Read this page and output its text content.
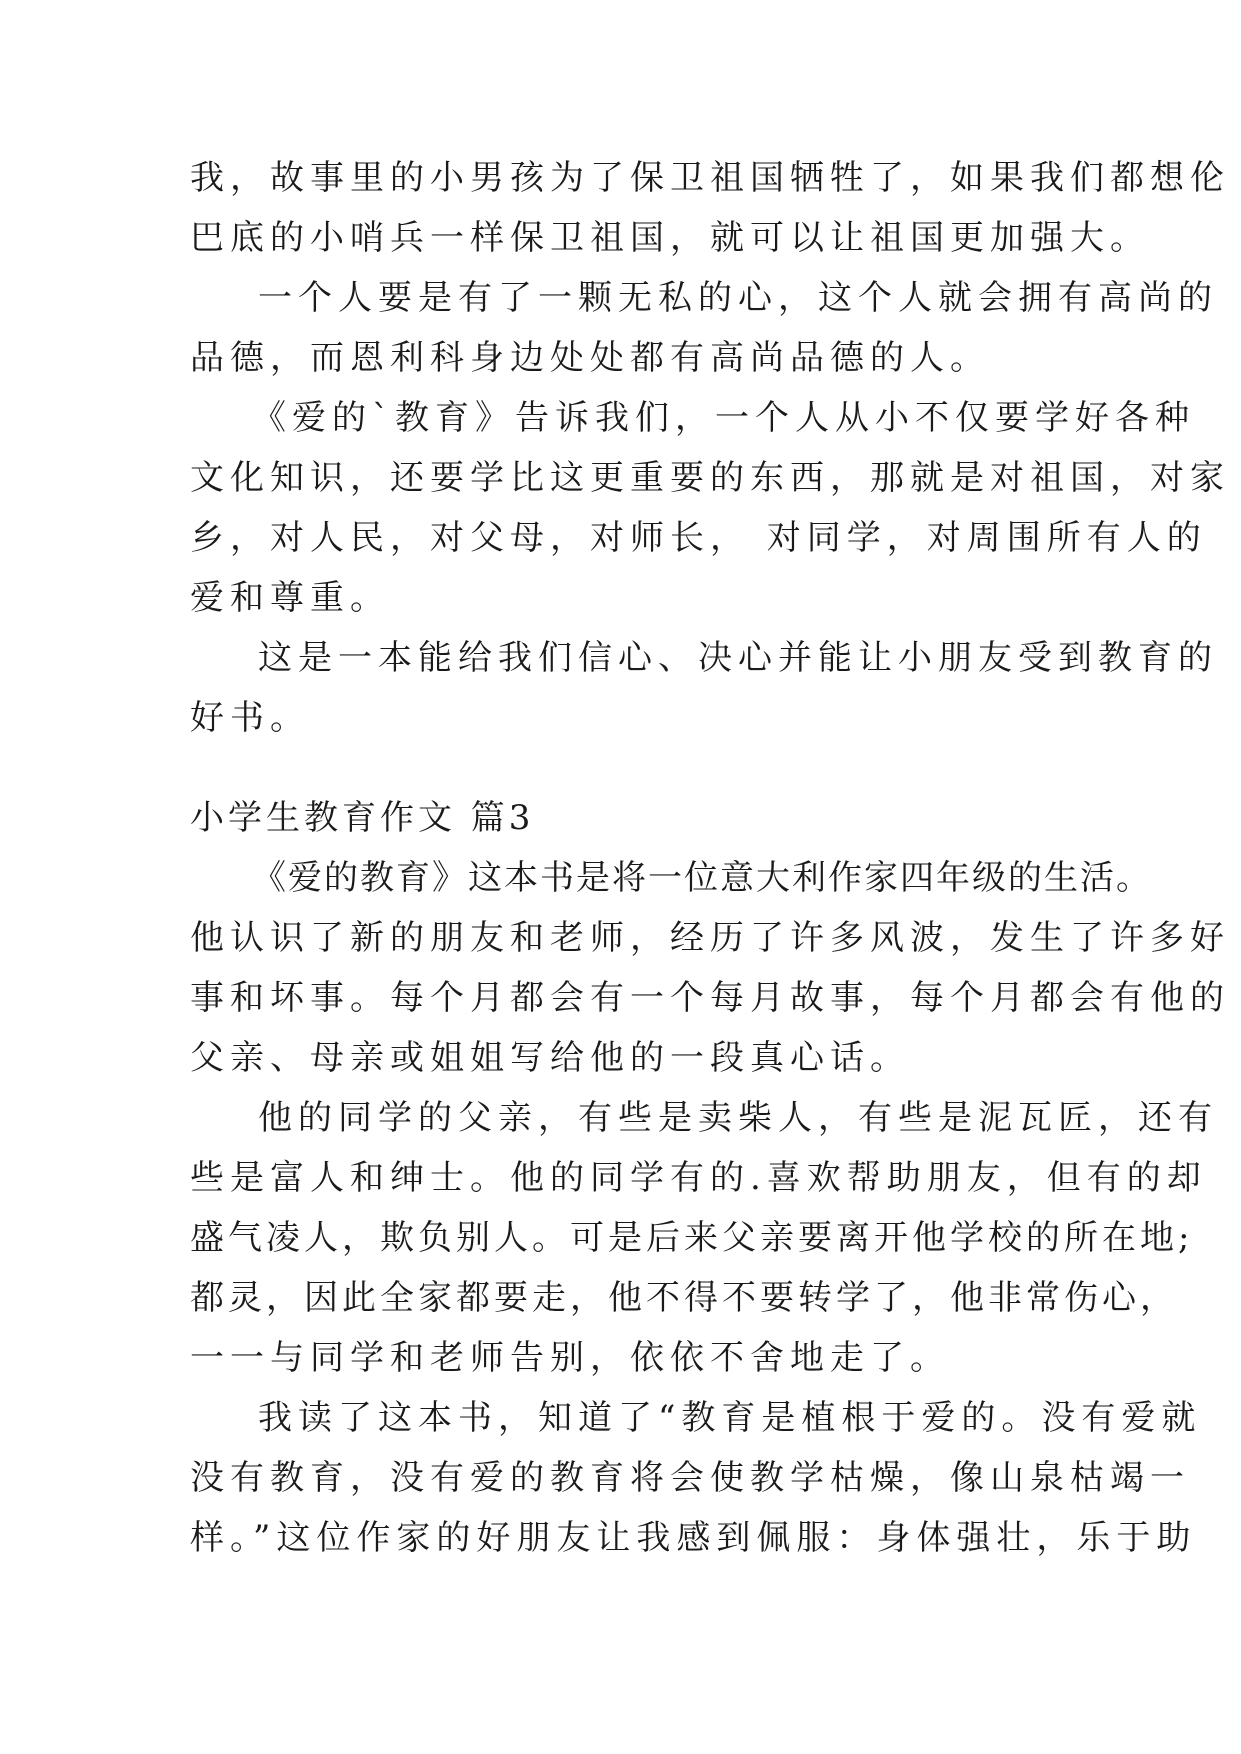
我，故事里的小男孩为了保卫祖国牺牲了，如果我们都想伦

巴底的小哨兵一样保卫祖国，就可以让祖国更加强大。

一个人要是有了一颗无私的心，这个人就会拥有高尚的

品德，而恩利科身边处处都有高尚品德的人。

《爱的`教育》告诉我们，一个人从小不仅要学好各种

文化知识，还要学比这更重要的东西，那就是对祖国，对家

乡，对人民，对父母，对师长， 对同学，对周围所有人的

爱和尊重。

这是一本能给我们信心、决心并能让小朋友受到教育的

好书。

小学生教育作文 篇3

《爱的教育》这本书是将一位意大利作家四年级的生活。

他认识了新的朋友和老师，经历了许多风波，发生了许多好

事和坏事。每个月都会有一个每月故事，每个月都会有他的

父亲、母亲或姐姐写给他的一段真心话。

他的同学的父亲，有些是卖柴人，有些是泥瓦匠，还有

些是富人和绅士。他的同学有的.喜欢帮助朋友，但有的却

盛气凌人，欺负别人。可是后来父亲要离开他学校的所在地;

都灵，因此全家都要走，他不得不要转学了，他非常伤心，

一一与同学和老师告别，依依不舍地走了。

我读了这本书，知道了“教育是植根于爱的。没有爱就

没有教育，没有爱的教育将会使教学枯燥，像山泉枯竭一

样。”这位作家的好朋友让我感到佩服：身体强壮，乐于助
